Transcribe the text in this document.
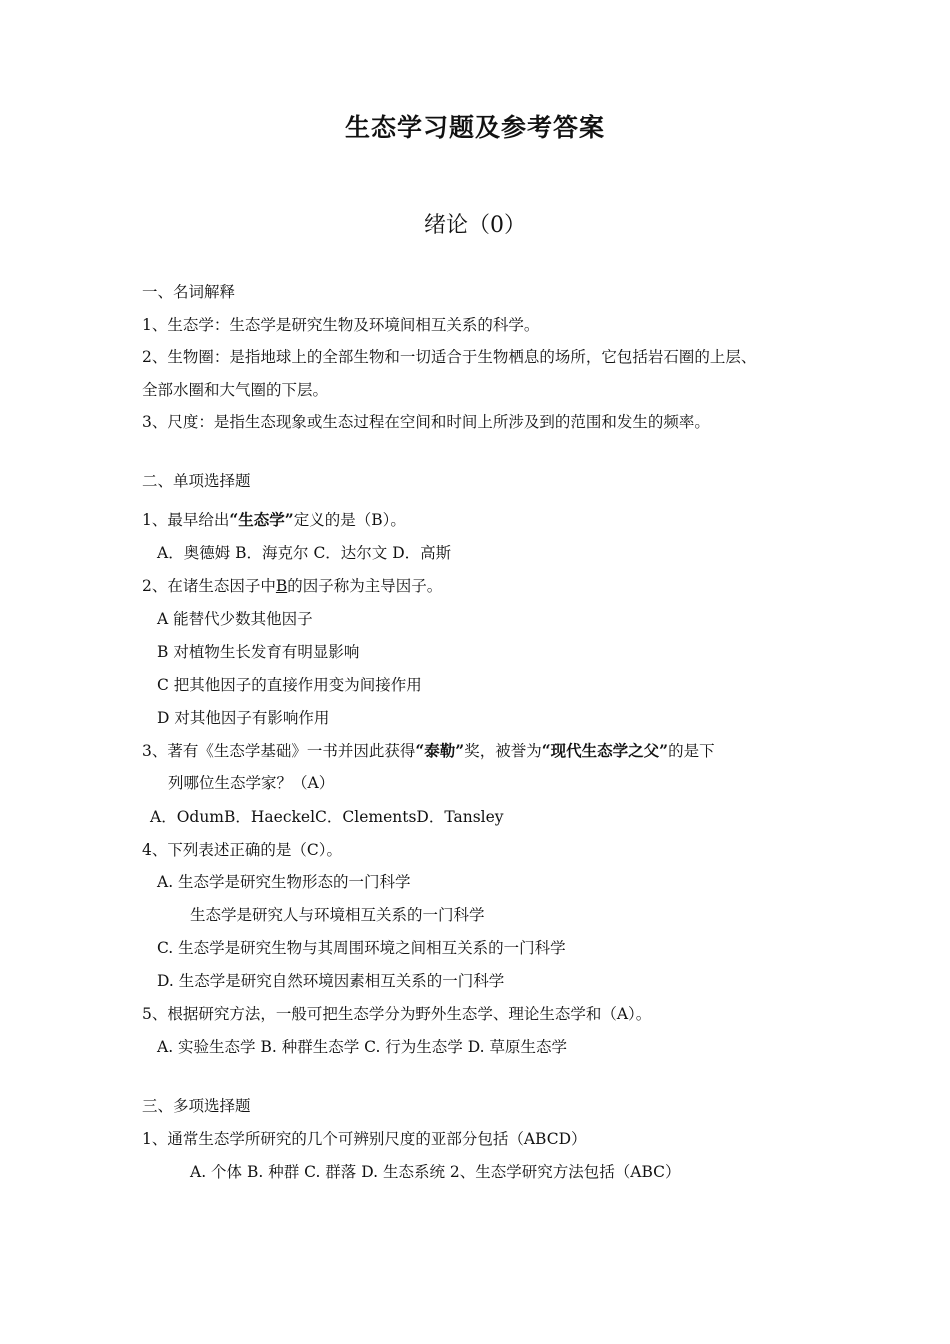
生态学习题及参考答案
绪论（0）
一、名词解释
1、生态学：生态学是研究生物及环境间相互关系的科学。
2、生物圈：是指地球上的全部生物和一切适合于生物栖息的场所，它包括岩石圈的上层、
全部水圈和大气圈的下层。
3、尺度：是指生态现象或生态过程在空间和时间上所涉及到的范围和发生的频率。
二、单项选择题
1、最早给出“生态学”定义的是（B）。
A．奥德姆 B．海克尔 C．达尔文 D．高斯
2、在诸生态因子中B的因子称为主导因子。
A 能替代少数其他因子
B 对植物生长发育有明显影响
C 把其他因子的直接作用变为间接作用
D 对其他因子有影响作用
3、著有《生态学基础》一书并因此获得“泰勒”奖，被誉为“现代生态学之父”的是下
列哪位生态学家？（A）
A．OdumB．HaeckelC．ClementsD．Tansley
4、下列表述正确的是（C）。
A. 生态学是研究生物形态的一门科学
生态学是研究人与环境相互关系的一门科学
C. 生态学是研究生物与其周围环境之间相互关系的一门科学
D. 生态学是研究自然环境因素相互关系的一门科学
5、根据研究方法，一般可把生态学分为野外生态学、理论生态学和（A）。
A. 实验生态学 B. 种群生态学 C. 行为生态学 D. 草原生态学
三、多项选择题
1、通常生态学所研究的几个可辨别尺度的亚部分包括（ABCD）
A. 个体 B. 种群 C. 群落 D. 生态系统 2、生态学研究方法包括（ABC）
